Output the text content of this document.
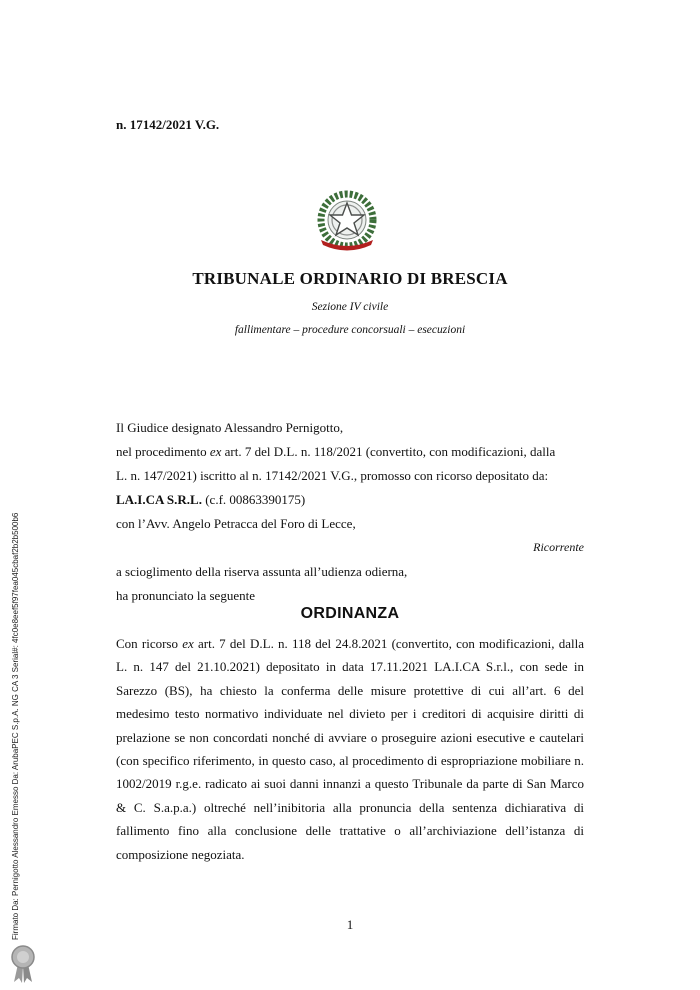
n. 17142/2021 V.G.
TRIBUNALE ORDINARIO DI BRESCIA
Sezione IV civile
fallimentare – procedure concorsuali – esecuzioni
Il Giudice designato Alessandro Pernigotto,
nel procedimento ex art. 7 del D.L. n. 118/2021 (convertito, con modificazioni, dalla
L. n. 147/2021) iscritto al n. 17142/2021 V.G., promosso con ricorso depositato da:
LA.I.CA S.R.L. (c.f. 00863390175)
con l’Avv. Angelo Petracca del Foro di Lecce,
Ricorrente
a scioglimento della riserva assunta all’udienza odierna,
ha pronunciato la seguente
ORDINANZA

Con ricorso ex art. 7 del D.L. n. 118 del 24.8.2021 (convertito, con modificazioni, dalla L. n. 147 del 21.10.2021) depositato in data 17.11.2021 LA.I.CA S.r.l., con sede in Sarezzo (BS), ha chiesto la conferma delle misure protettive di cui all’art. 6 del medesimo testo normativo individuate nel divieto per i creditori di acquisire diritti di prelazione se non concordati nonché di avviare o proseguire azioni esecutive e cautelari (con specifico riferimento, in questo caso, al procedimento di espropriazione mobiliare n. 1002/2019 r.g.e. radicato ai suoi danni innanzi a questo Tribunale da parte di San Marco & C. S.a.p.a.) oltreché nell’inibitoria alla pronuncia della sentenza dichiarativa di fallimento fino alla conclusione delle trattative o all’archiviazione dell’istanza di composizione negoziata.

1
Firmato Da: Pernigotto Alessandro Emesso Da: ArubaPEC S.p.A. NG CA 3 Serial#: 4fc0e8eef5f97fea045cbaf2b2b500b6
